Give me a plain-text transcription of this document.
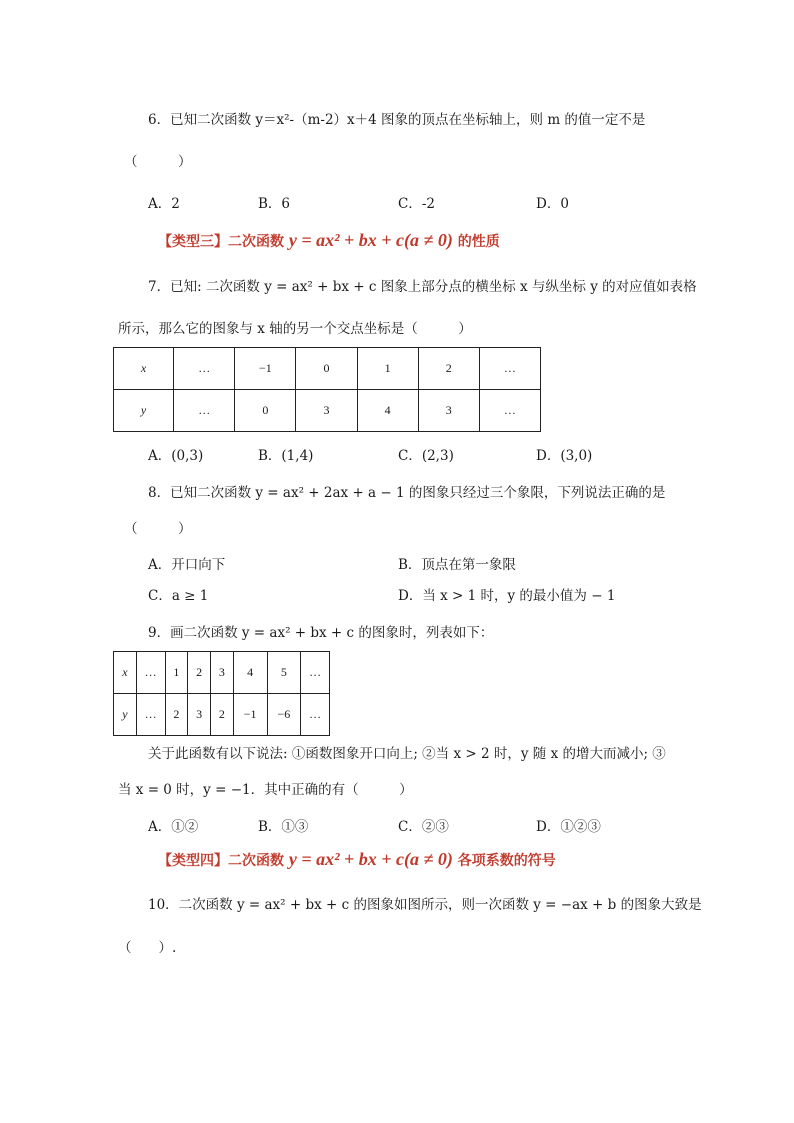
6．已知二次函数 y＝x²-（m-2）x＋4 图象的顶点在坐标轴上，则 m 的值一定不是
（　　　）
A．2	B．6	C．-2	D．0
【类型三】二次函数 y = ax² + bx + c(a ≠ 0) 的性质
7．已知: 二次函数 y = ax² + bx + c 图象上部分点的横坐标 x 与纵坐标 y 的对应值如表格
所示，那么它的图象与 x 轴的另一个交点坐标是（　　　）
x	…	−1	0	1	2	…
y	…	0	3	4	3	…
A．(0,3)	B．(1,4)	C．(2,3)	D．(3,0)
8．已知二次函数 y = ax² + 2ax + a − 1 的图象只经过三个象限，下列说法正确的是
（　　　）
A．开口向下	B．顶点在第一象限
C．a ≥ 1	D．当 x > 1 时，y 的最小值为 − 1
9．画二次函数 y = ax² + bx + c 的图象时，列表如下：
x	…	1	2	3	4	5	…
y	…	2	3	2	−1	−6	…
关于此函数有以下说法: ①函数图象开口向上; ②当 x > 2 时，y 随 x 的增大而减小; ③
当 x = 0 时，y = −1．其中正确的有（　　　）
A．①②	B．①③	C．②③	D．①②③
【类型四】二次函数 y = ax² + bx + c(a ≠ 0) 各项系数的符号
10．二次函数 y = ax² + bx + c 的图象如图所示，则一次函数 y = −ax + b 的图象大致是
（　　）.
